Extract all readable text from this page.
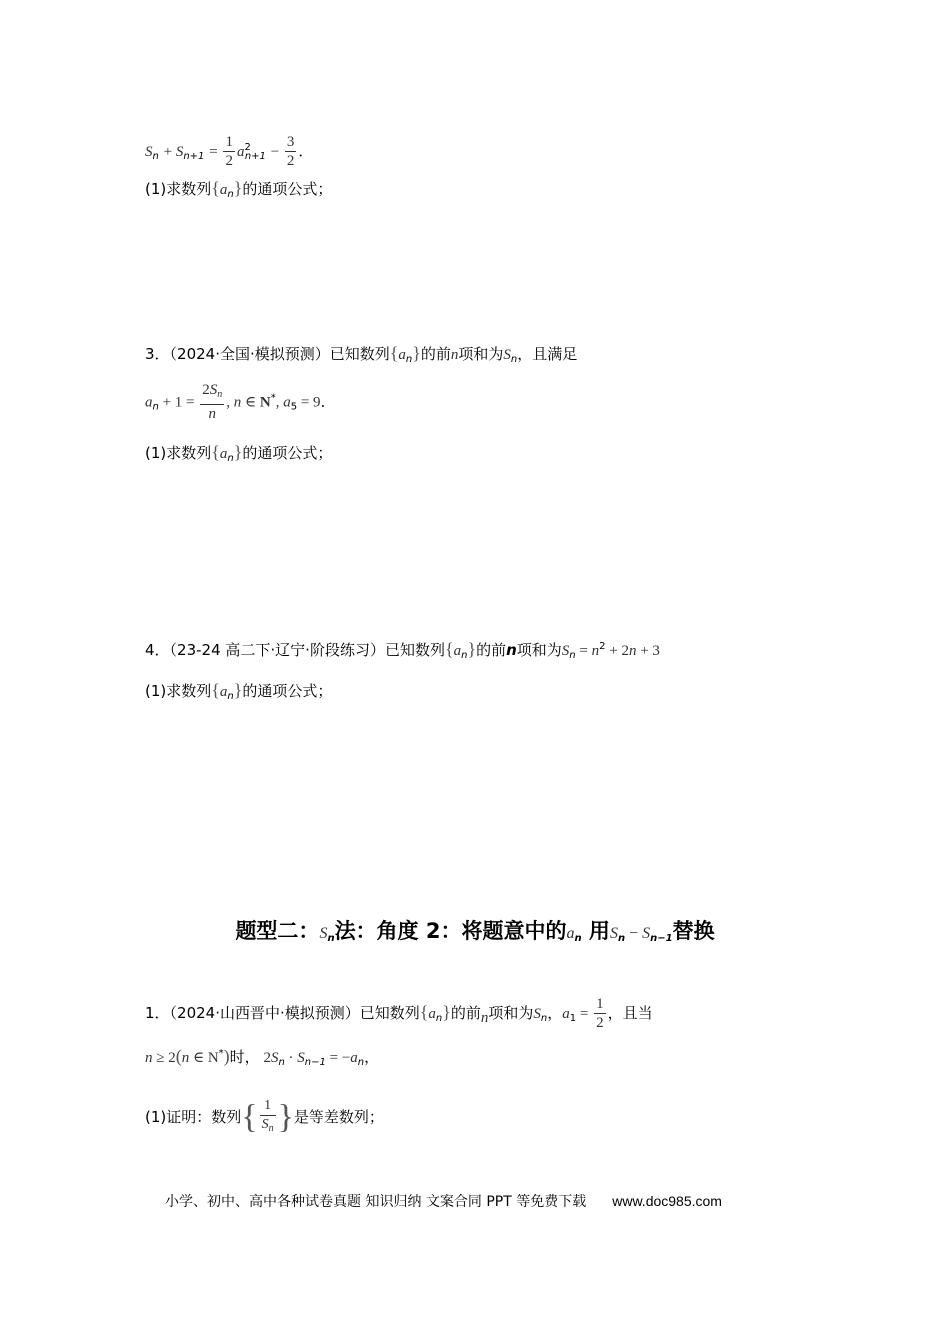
$S_n + S_{n+1} = \frac{1}{2} a^2_{n+1} - \frac{3}{2}$ ．
(1)求数列$\{a_n\}$的通项公式；
3．（2024·全国·模拟预测）已知数列$\{a_n\}$的前n项和为$S_n$，且满足
$a_n + 1 = \frac{2S_n}{n}$ , n ∈ N*, $a_5 = 9$．
(1)求数列$\{a_n\}$的通项公式；
4．（23-24 高二下·辽宁·阶段练习）已知数列$\{a_n\}$的前n项和为$S_n = n^2 + 2n + 3$
(1)求数列$\{a_n\}$的通项公式；
题型二：$S_n$法：角度 2：将题意中的$a_n$ 用$S_n - S_{n-1}$替换
1．（2024·山西晋中·模拟预测）已知数列$\{a_n\}$的前n项和为$S_n$，$a_1 = \frac{1}{2}$ ，且当
n ≥ 2(n ∈ N*)时， $2S_n \cdot S_{n-1} = -a_n$，
(1)证明：数列{ $\frac{1}{S_n}$ }是等差数列；
小学、初中、高中各种试卷真题 知识归纳 文案合同 PPT 等免费下载 www.doc985.com
